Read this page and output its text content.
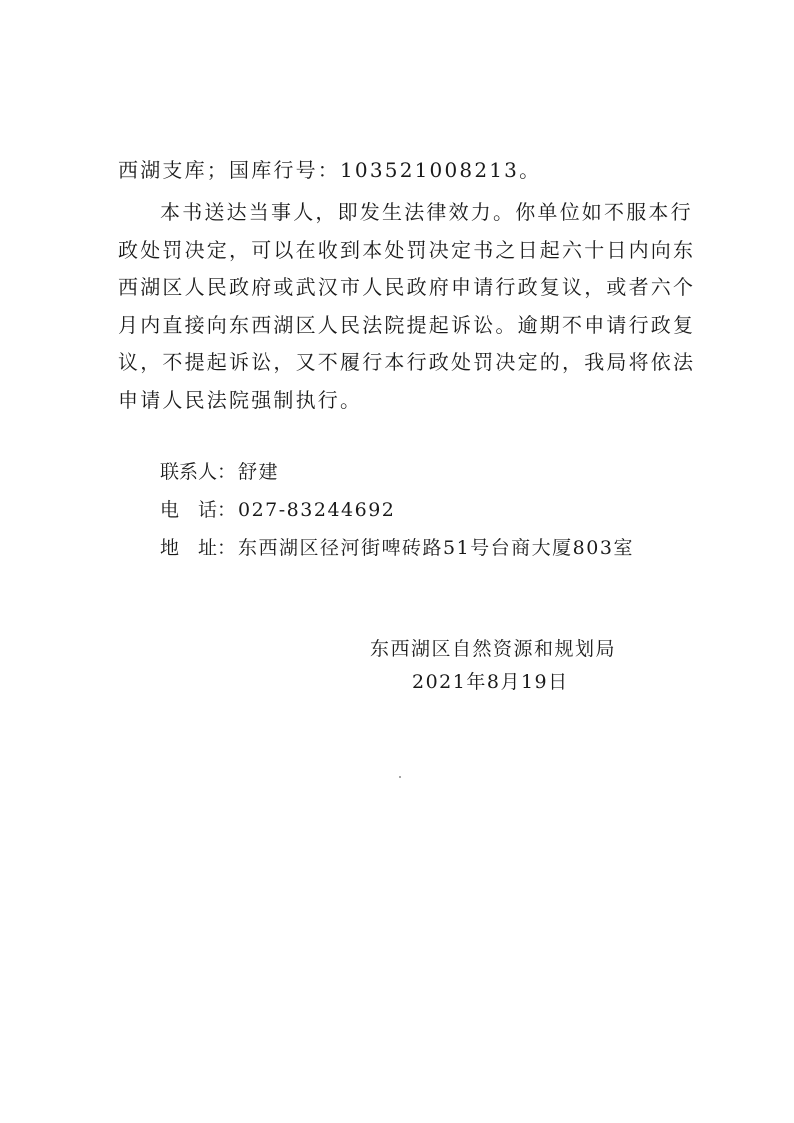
西湖支库；国库行号：103521008213。
本书送达当事人，即发生法律效力。你单位如不服本行
政处罚决定，可以在收到本处罚决定书之日起六十日内向东
西湖区人民政府或武汉市人民政府申请行政复议，或者六个
月内直接向东西湖区人民法院提起诉讼。逾期不申请行政复
议，不提起诉讼，又不履行本行政处罚决定的，我局将依法
申请人民法院强制执行。
联系人： 舒建
电　话： 027-83244692
地　址： 东西湖区径河街啤砖路51号台商大厦803室
东西湖区自然资源和规划局
2021年8月19日
